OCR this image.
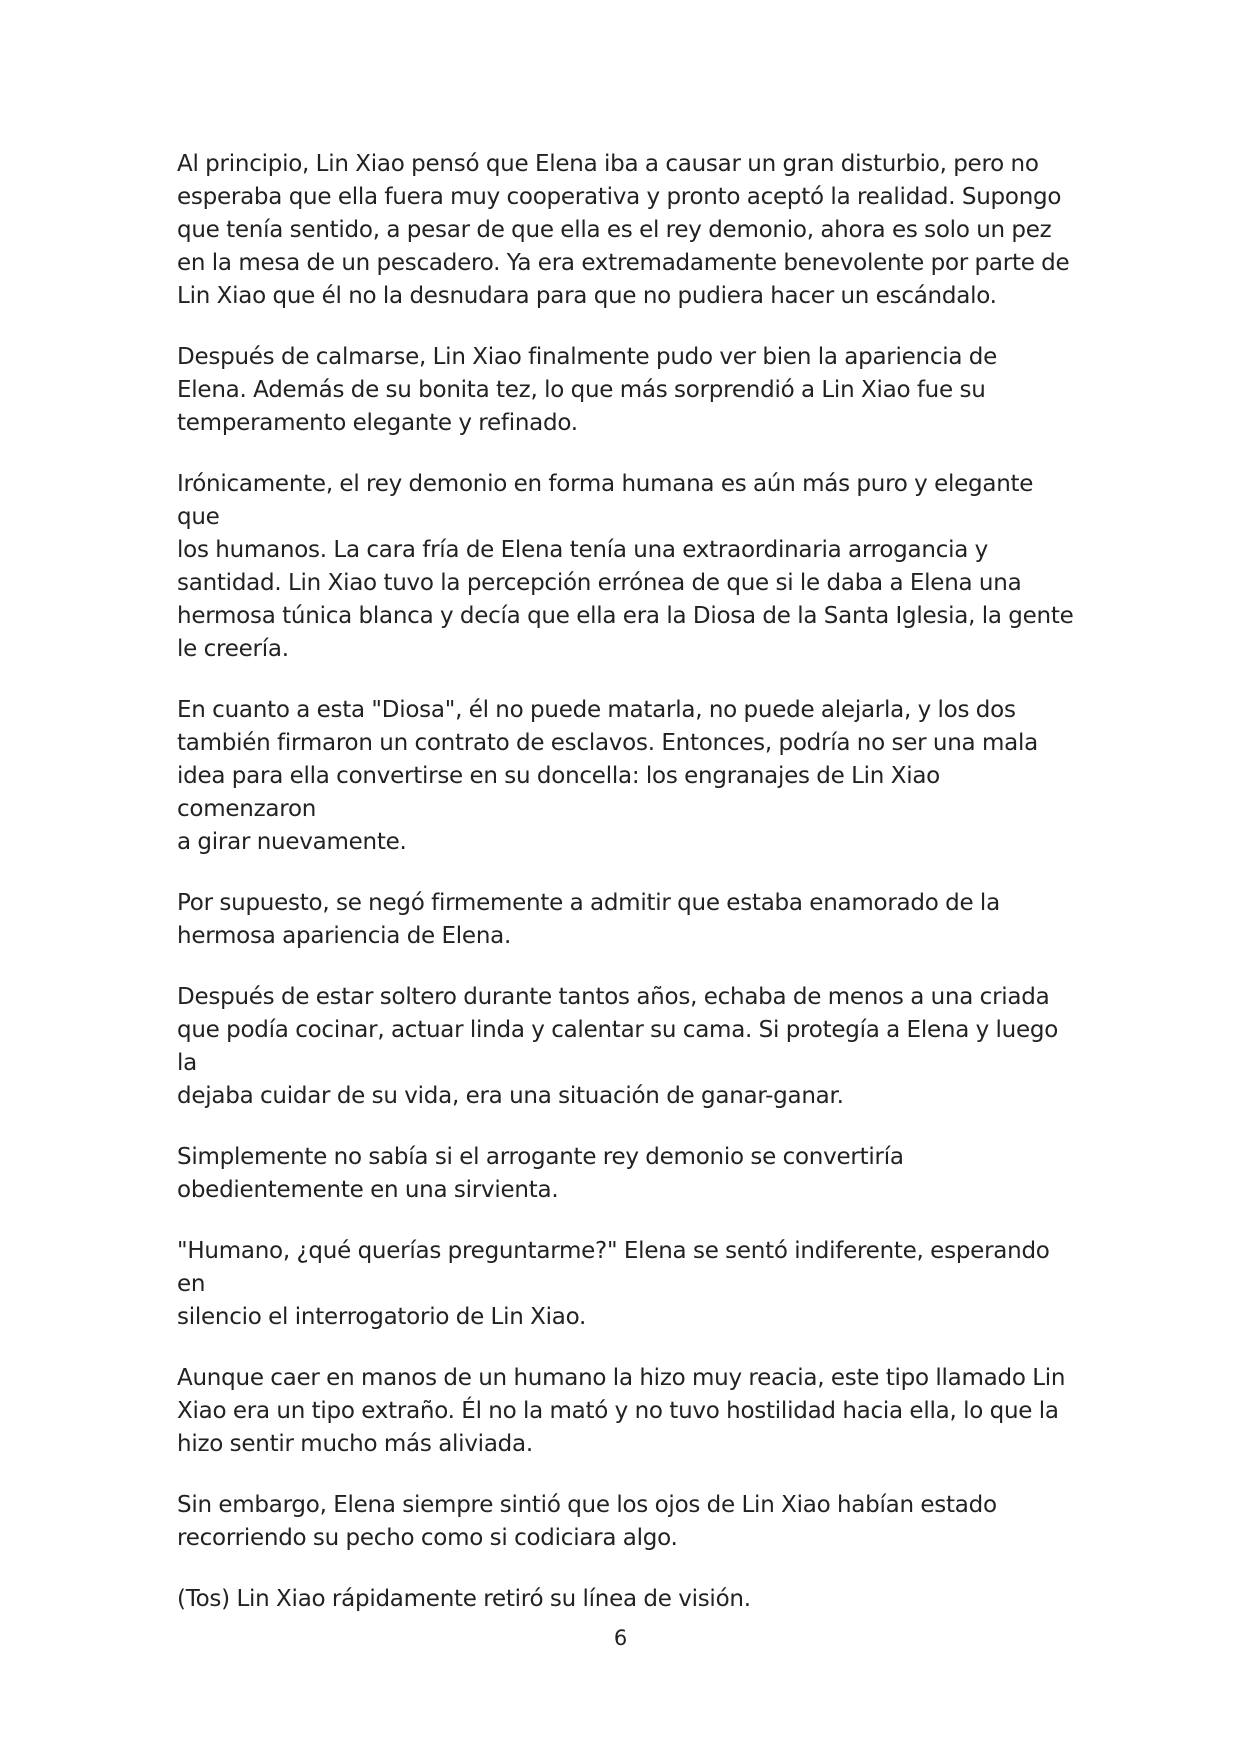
Al principio, Lin Xiao pensó que Elena iba a causar un gran disturbio, pero no
esperaba que ella fuera muy cooperativa y pronto aceptó la realidad. Supongo
que tenía sentido, a pesar de que ella es el rey demonio, ahora es solo un pez
en la mesa de un pescadero. Ya era extremadamente benevolente por parte de
Lin Xiao que él no la desnudara para que no pudiera hacer un escándalo.

Después de calmarse, Lin Xiao finalmente pudo ver bien la apariencia de
Elena. Además de su bonita tez, lo que más sorprendió a Lin Xiao fue su
temperamento elegante y refinado.

Irónicamente, el rey demonio en forma humana es aún más puro y elegante que
los humanos. La cara fría de Elena tenía una extraordinaria arrogancia y
santidad. Lin Xiao tuvo la percepción errónea de que si le daba a Elena una
hermosa túnica blanca y decía que ella era la Diosa de la Santa Iglesia, la gente
le creería.

En cuanto a esta "Diosa", él no puede matarla, no puede alejarla, y los dos
también firmaron un contrato de esclavos. Entonces, podría no ser una mala
idea para ella convertirse en su doncella: los engranajes de Lin Xiao comenzaron
a girar nuevamente.

Por supuesto, se negó firmemente a admitir que estaba enamorado de la
hermosa apariencia de Elena.

Después de estar soltero durante tantos años, echaba de menos a una criada
que podía cocinar, actuar linda y calentar su cama. Si protegía a Elena y luego la
dejaba cuidar de su vida, era una situación de ganar-ganar.

Simplemente no sabía si el arrogante rey demonio se convertiría
obedientemente en una sirvienta.

"Humano, ¿qué querías preguntarme?" Elena se sentó indiferente, esperando en
silencio el interrogatorio de Lin Xiao.

Aunque caer en manos de un humano la hizo muy reacia, este tipo llamado Lin
Xiao era un tipo extraño. Él no la mató y no tuvo hostilidad hacia ella, lo que la
hizo sentir mucho más aliviada.

Sin embargo, Elena siempre sintió que los ojos de Lin Xiao habían estado
recorriendo su pecho como si codiciara algo.

(Tos) Lin Xiao rápidamente retiró su línea de visión.

6
